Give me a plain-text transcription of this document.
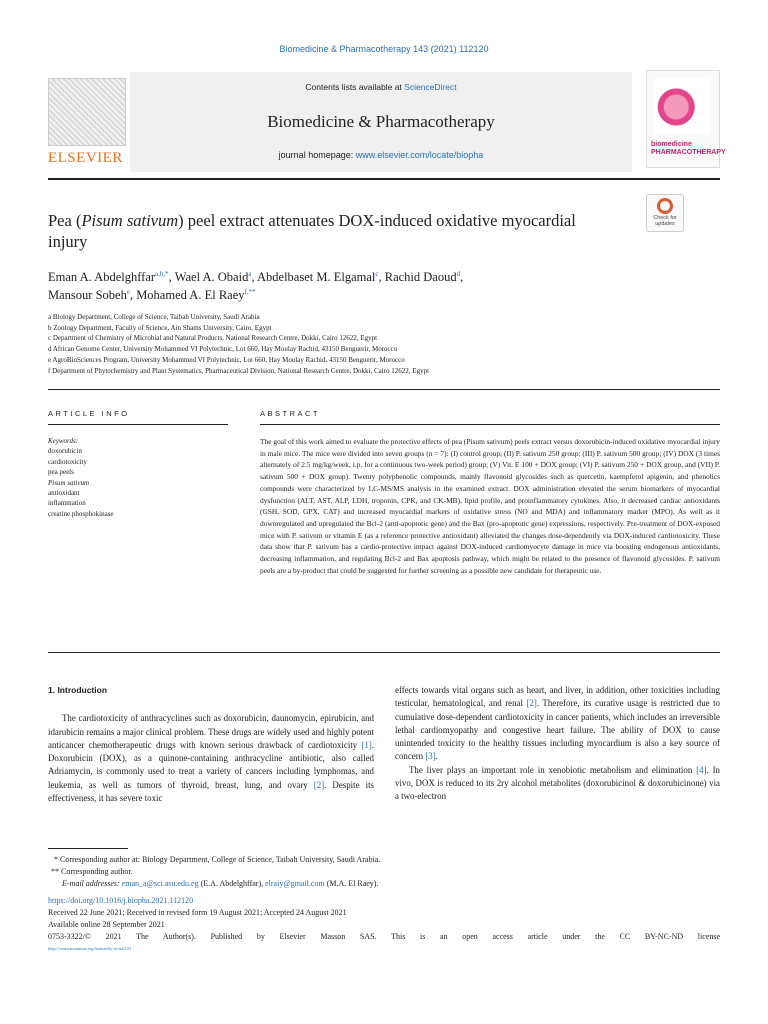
Biomedicine & Pharmacotherapy 143 (2021) 112120
ELSEVIER
Contents lists available at ScienceDirect
Biomedicine & Pharmacotherapy
journal homepage: www.elsevier.com/locate/biopha
biomedicine PHARMACOTHERAPY
Pea (Pisum sativum) peel extract attenuates DOX-induced oxidative myocardial injury
Check for updates
Eman A. Abdelghffar$^{a,b,*}$, Wael A. Obaid$^a$, Abdelbaset M. Elgamal$^c$, Rachid Daoud$^d$,
Mansour Sobeh$^e$, Mohamed A. El Raey$^{f,**}$
a Biology Department, College of Science, Taibah University, Saudi Arabia
b Zoology Department, Faculty of Science, Ain Shams University, Cairo, Egypt
c Department of Chemistry of Microbial and Natural Products, National Research Centre, Dokki, Cairo 12622, Egypt
d African Genome Center, University Mohammed VI Polytechnic, Lot 660, Hay Moulay Rachid, 43150 Benguerir, Morocco
e AgroBioSciences Program, University Mohammed VI Polytechnic, Lot 660, Hay Moulay Rachid, 43150 Benguerir, Morocco
f Department of Phytochemistry and Plant Systematics, Pharmaceutical Division, National Research Centre, Dokki, Cairo 12622, Egypt
ARTICLE INFO	ABSTRACT
Keywords:
doxorubicin
cardiotoxicity
pea peels
Pisum sativum
antioxidant
inflammation
creatine phosphokinase
The goal of this work aimed to evaluate the protective effects of pea (Pisum sativum) peels extract versus doxorubicin-induced oxidative myocardial injury in male mice. The mice were divided into seven groups (n = 7): (I) control group; (II) P. sativum 250 group; (III) P. sativum 500 group; (IV) DOX (3 times alternately of 2.5 mg/kg/week, i.p. for a continuous two-week period) group; (V) Vit. E 100 + DOX group; (VI) P. sativum 250 + DOX group, and (VII) P. sativum 500 + DOX group). Twenty polyphenolic compounds, mainly flavonoid glycosides such as quercetin, kaempferol apigenin, and phenolics compounds were characterized by LC-MS/MS analysis in the examined extract. DOX administration elevated the serum biomarkers of myocardial dysfunction (ALT, AST, ALP, LDH, troponin, CPK, and CK-MB), lipid profile, and proinflammatory cytokines. Also, it decreased cardiac antioxidants (GSH, SOD, GPX, CAT) and increased myocardial markers of oxidative stress (NO and MDA) and inflammatory marker (MPO). As well as it downregulated and upregulated the Bcl-2 (anti-apoptotic gene) and the Bax (pro-apoptotic gene) expressions, respectively. Pre-treatment of DOX-exposed mice with P. sativum or vitamin E (as a reference protective antioxidant) alleviated the changes dose-dependently via DOX-induced cardiotoxicity. These data show that P. sativum has a cardio-protective impact against DOX-induced cardiomyocyte damage in mice via boosting endogenous antioxidants, decreasing inflammation, and regulating Bcl-2 and Bax apoptosis pathway, which might be related to the presence of flavonoid glycosides. P. sativum peels are a by-product that could be suggested for further screening as a possible new candidate for therapeutic use.
1. Introduction

The cardiotoxicity of anthracyclines such as doxorubicin, daunomycin, epirubicin, and idarubicin remains a major clinical problem. These drugs are widely used and highly potent anticancer chemotherapeutic drugs with known serious drawback of cardiotoxicity [1]. Doxorubicin (DOX), as a quinone-containing anthracycline antibiotic, also called Adriamycin, is commonly used to treat a variety of cancers including lymphomas, and leukemia, as well as tumors of thyroid, breast, lung, and ovary [2]. Despite its effectiveness, it has severe toxic

effects towards vital organs such as heart, and liver, in addition, other toxicities including testicular, hematological, and renal [2]. Therefore, its curative usage is restricted due to cumulative dose-dependent cardiotoxicity in cancer patients, which includes an irreversible lethal cardiomyopathy and congestive heart failure. The ability of DOX to cause unintended toxicity to the healthy tissues including myocardium is also a key source of concern [3].

The liver plays an important role in xenobiotic metabolism and elimination [4]. In vivo, DOX is reduced to its 2ry alcohol metabolites (doxorubicinol & doxorubicinone) via a two-electron

* Corresponding author at: Biology Department, College of Science, Taibah University, Saudi Arabia.
** Corresponding author.
E-mail addresses: eman_a@sci.asu.edu.eg (E.A. Abdelghffar), elraiy@gmail.com (M.A. El Raey).
https://doi.org/10.1016/j.biopha.2021.112120
Received 22 June 2021; Received in revised form 19 August 2021; Accepted 24 August 2021
Available online 28 September 2021
0753-3322/© 2021 The Author(s). Published by Elsevier Masson SAS. This is an open access article under the CC BY-NC-ND license
(http://creativecommons.org/licenses/by-nc-nd/4.0/)
